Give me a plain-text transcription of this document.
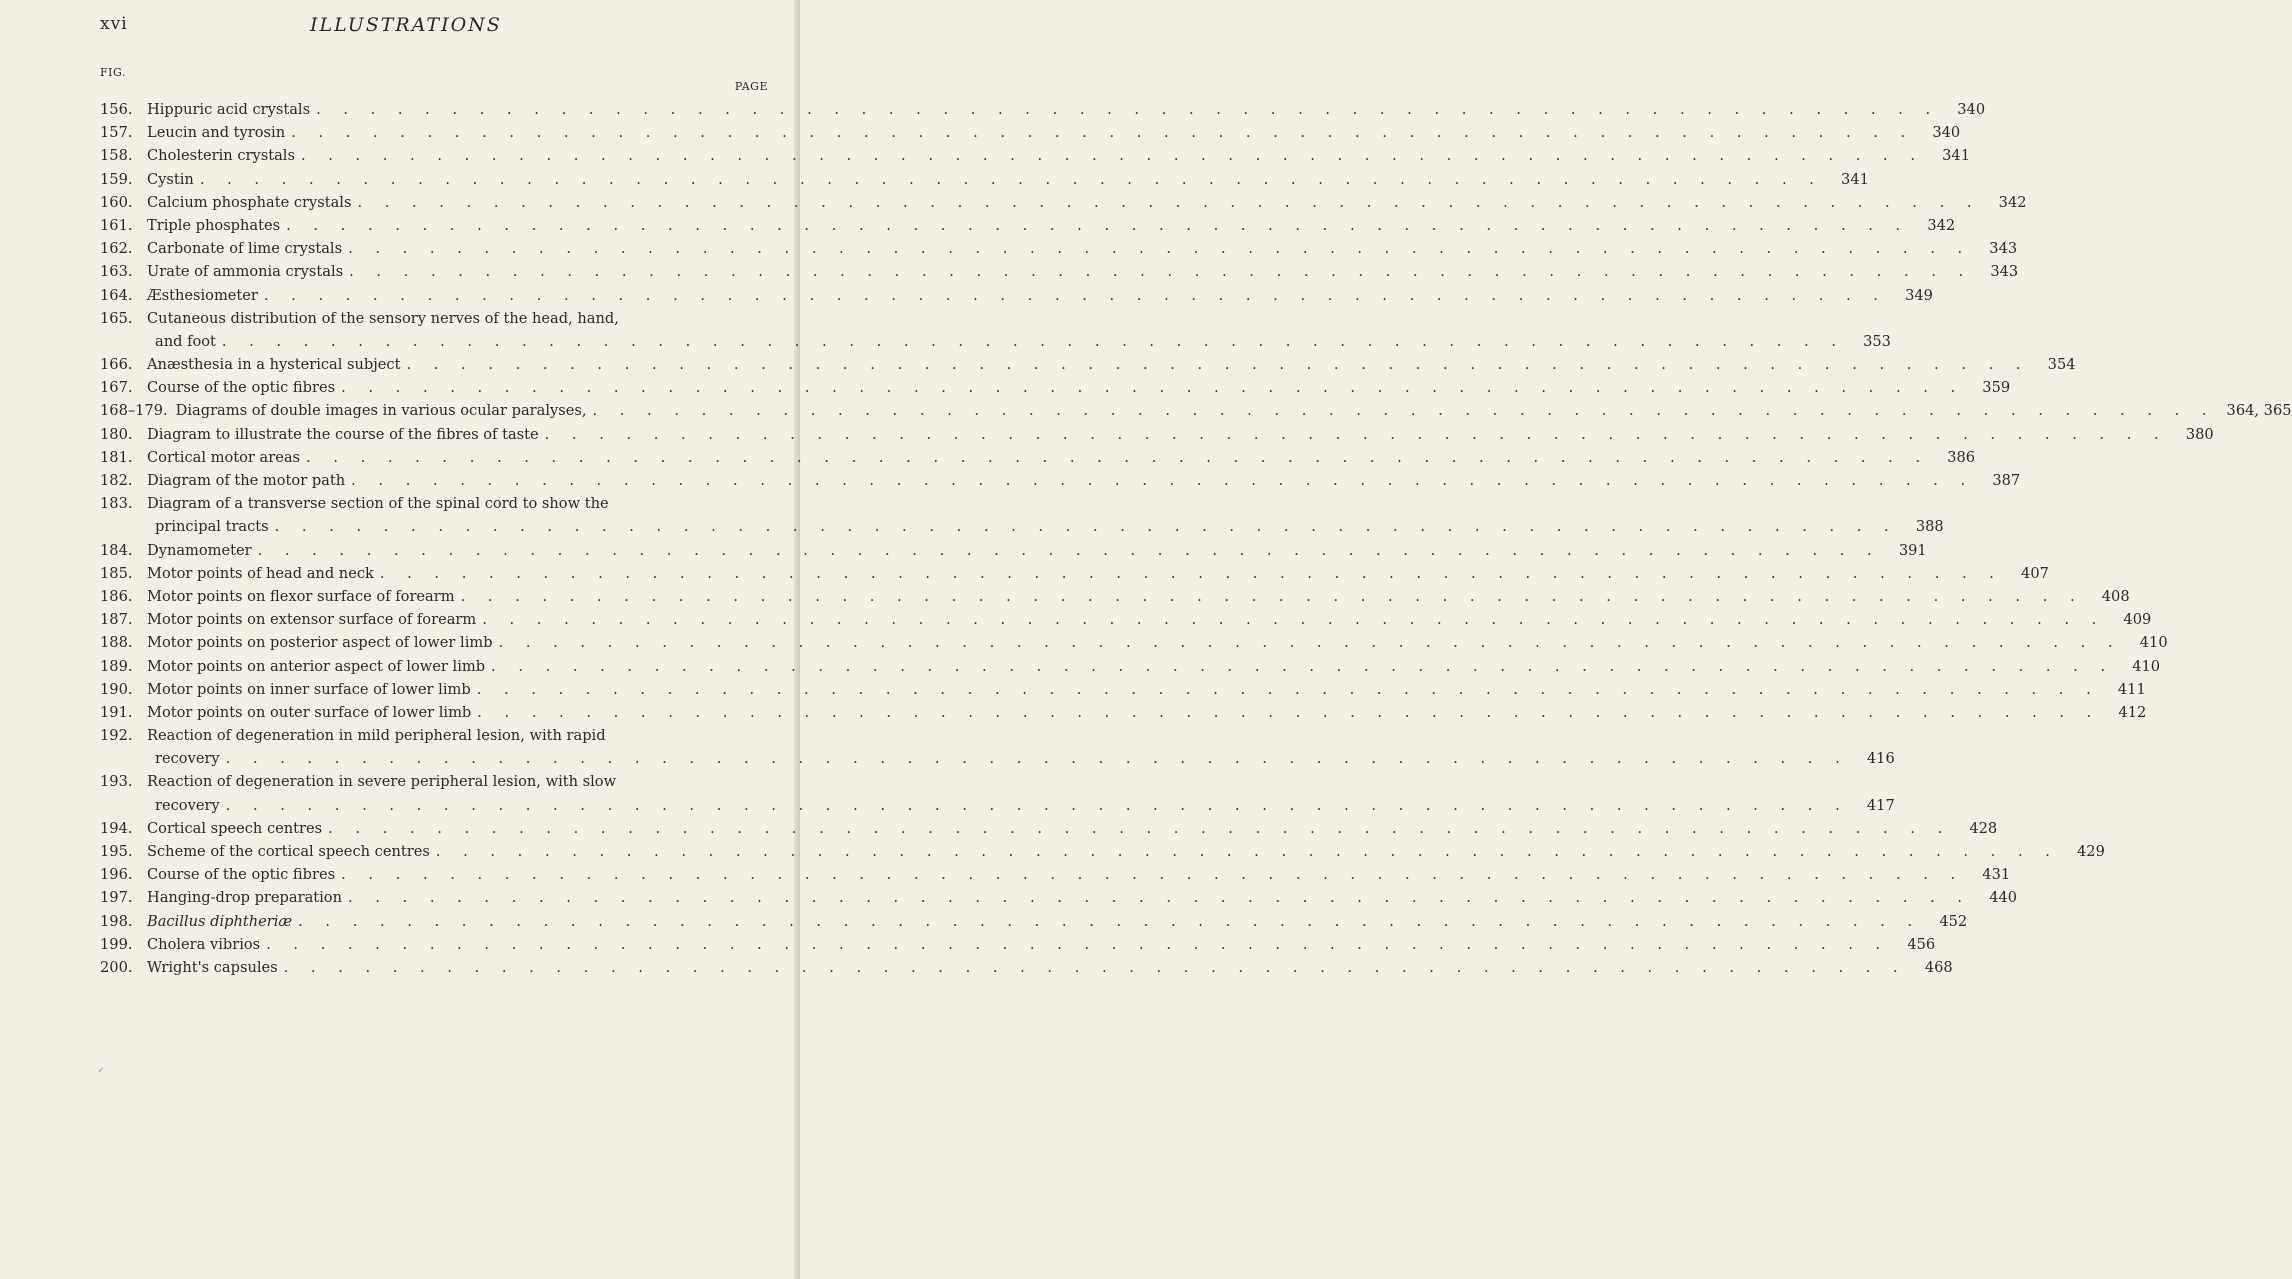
xvi	ILLUSTRATIONS
FIG.
PAGE
156. Hippuric acid crystals . . . . . . . . . . . . . . . . . . . . . . . . . . . . . . . . . . . . . . . . . . . . . . . . . . . . . . . . . . . .	340
157. Leucin and tyrosin . . . . . . . . . . . . . . . . . . . . . . . . . . . . . . . . . . . . . . . . . . . . . . . . . . . . . . . . . . . .	340
158. Cholesterin crystals . . . . . . . . . . . . . . . . . . . . . . . . . . . . . . . . . . . . . . . . . . . . . . . . . . . . . . . . . . . .	341
159. Cystin . . . . . . . . . . . . . . . . . . . . . . . . . . . . . . . . . . . . . . . . . . . . . . . . . . . . . . . . . . . .	341
160. Calcium phosphate crystals . . . . . . . . . . . . . . . . . . . . . . . . . . . . . . . . . . . . . . . . . . . . . . . . . . . . . . . . . . . .	342
161. Triple phosphates . . . . . . . . . . . . . . . . . . . . . . . . . . . . . . . . . . . . . . . . . . . . . . . . . . . . . . . . . . . .	342
162. Carbonate of lime crystals . . . . . . . . . . . . . . . . . . . . . . . . . . . . . . . . . . . . . . . . . . . . . . . . . . . . . . . . . . . .	343
163. Urate of ammonia crystals . . . . . . . . . . . . . . . . . . . . . . . . . . . . . . . . . . . . . . . . . . . . . . . . . . . . . . . . . . . .	343
164. Æsthesiometer . . . . . . . . . . . . . . . . . . . . . . . . . . . . . . . . . . . . . . . . . . . . . . . . . . . . . . . . . . . .	349
165. Cutaneous distribution of the sensory nerves of the head, hand,
and foot . . . . . . . . . . . . . . . . . . . . . . . . . . . . . . . . . . . . . . . . . . . . . . . . . . . . . . . . . . . .	353
166. Anæsthesia in a hysterical subject . . . . . . . . . . . . . . . . . . . . . . . . . . . . . . . . . . . . . . . . . . . . . . . . . . . . . . . . . . . .	354
167. Course of the optic fibres . . . . . . . . . . . . . . . . . . . . . . . . . . . . . . . . . . . . . . . . . . . . . . . . . . . . . . . . . . . .	359
168–179. Diagrams of double images in various ocular paralyses, . . . . . . . . . . . . . . . . . . . . . . . . . . . . . . . . . . . . . . . . . . . . . . . . . . . . . . . . . . . . 364, 365
180. Diagram to illustrate the course of the fibres of taste . . . . . . . . . . . . . . . . . . . . . . . . . . . . . . . . . . . . . . . . . . . . . . . . . . . . . . . . . . . .	380
181. Cortical motor areas . . . . . . . . . . . . . . . . . . . . . . . . . . . . . . . . . . . . . . . . . . . . . . . . . . . . . . . . . . . .	386
182. Diagram of the motor path . . . . . . . . . . . . . . . . . . . . . . . . . . . . . . . . . . . . . . . . . . . . . . . . . . . . . . . . . . . .	387
183. Diagram of a transverse section of the spinal cord to show the
principal tracts . . . . . . . . . . . . . . . . . . . . . . . . . . . . . . . . . . . . . . . . . . . . . . . . . . . . . . . . . . . .	388
184. Dynamometer . . . . . . . . . . . . . . . . . . . . . . . . . . . . . . . . . . . . . . . . . . . . . . . . . . . . . . . . . . . .	391
185. Motor points of head and neck . . . . . . . . . . . . . . . . . . . . . . . . . . . . . . . . . . . . . . . . . . . . . . . . . . . . . . . . . . . .	407
186. Motor points on flexor surface of forearm . . . . . . . . . . . . . . . . . . . . . . . . . . . . . . . . . . . . . . . . . . . . . . . . . . . . . . . . . . . .	408
187. Motor points on extensor surface of forearm . . . . . . . . . . . . . . . . . . . . . . . . . . . . . . . . . . . . . . . . . . . . . . . . . . . . . . . . . . . .	409
188. Motor points on posterior aspect of lower limb . . . . . . . . . . . . . . . . . . . . . . . . . . . . . . . . . . . . . . . . . . . . . . . . . . . . . . . . . . . .	410
189. Motor points on anterior aspect of lower limb . . . . . . . . . . . . . . . . . . . . . . . . . . . . . . . . . . . . . . . . . . . . . . . . . . . . . . . . . . . .	410
190. Motor points on inner surface of lower limb . . . . . . . . . . . . . . . . . . . . . . . . . . . . . . . . . . . . . . . . . . . . . . . . . . . . . . . . . . . .	411
191. Motor points on outer surface of lower limb . . . . . . . . . . . . . . . . . . . . . . . . . . . . . . . . . . . . . . . . . . . . . . . . . . . . . . . . . . . .	412
192. Reaction of degeneration in mild peripheral lesion, with rapid
recovery . . . . . . . . . . . . . . . . . . . . . . . . . . . . . . . . . . . . . . . . . . . . . . . . . . . . . . . . . . . .	416
193. Reaction of degeneration in severe peripheral lesion, with slow
recovery . . . . . . . . . . . . . . . . . . . . . . . . . . . . . . . . . . . . . . . . . . . . . . . . . . . . . . . . . . . .	417
194. Cortical speech centres . . . . . . . . . . . . . . . . . . . . . . . . . . . . . . . . . . . . . . . . . . . . . . . . . . . . . . . . . . . .	428
195. Scheme of the cortical speech centres . . . . . . . . . . . . . . . . . . . . . . . . . . . . . . . . . . . . . . . . . . . . . . . . . . . . . . . . . . . .	429
196. Course of the optic fibres . . . . . . . . . . . . . . . . . . . . . . . . . . . . . . . . . . . . . . . . . . . . . . . . . . . . . . . . . . . .	431
197. Hanging-drop preparation . . . . . . . . . . . . . . . . . . . . . . . . . . . . . . . . . . . . . . . . . . . . . . . . . . . . . . . . . . . .	440
198. Bacillus diphtheriæ . . . . . . . . . . . . . . . . . . . . . . . . . . . . . . . . . . . . . . . . . . . . . . . . . . . . . . . . . . . .	452
199. Cholera vibrios . . . . . . . . . . . . . . . . . . . . . . . . . . . . . . . . . . . . . . . . . . . . . . . . . . . . . . . . . . . .	456
200. Wright's capsules . . . . . . . . . . . . . . . . . . . . . . . . . . . . . . . . . . . . . . . . . . . . . . . . . . . . . . . . . . . .	468
⸝
